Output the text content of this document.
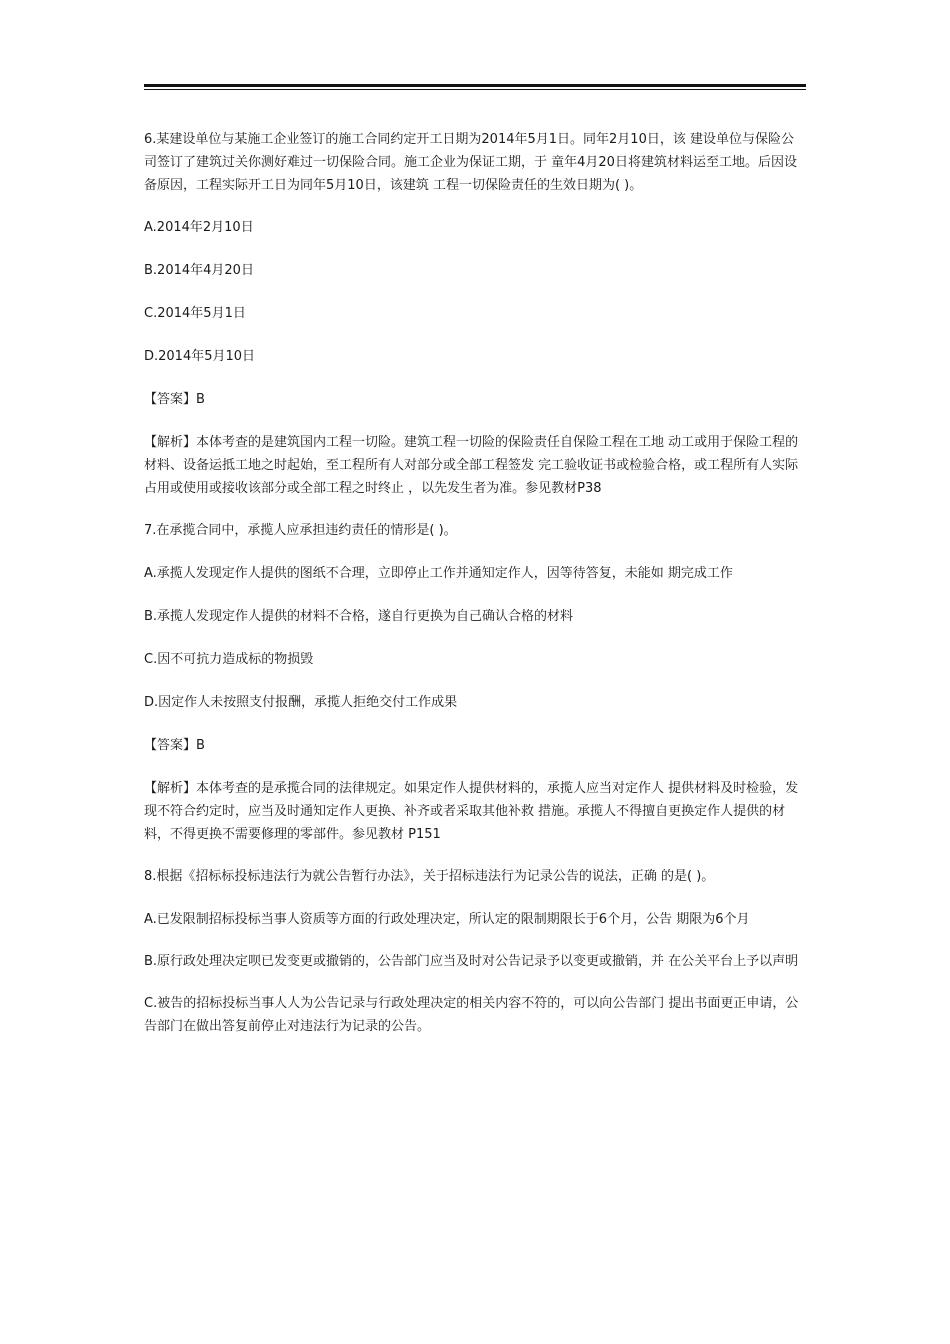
6.某建设单位与某施工企业签订的施工合同约定开工日期为2014年5月1日。同年2月10日，该 建设单位与保险公司签订了建筑过关你测好难过一切保险合同。施工企业为保证工期，于 童年4月20日将建筑材料运至工地。后因设备原因，工程实际开工日为同年5月10日，该建筑 工程一切保险责任的生效日期为( )。

A.2014年2月10日

B.2014年4月20日

C.2014年5月1日

D.2014年5月10日

【答案】B

【解析】本体考查的是建筑国内工程一切险。建筑工程一切险的保险责任自保险工程在工地 动工或用于保险工程的材料、设备运抵工地之时起始，至工程所有人对部分或全部工程签发 完工验收证书或检验合格，或工程所有人实际占用或使用或接收该部分或全部工程之时终止 ，以先发生者为准。参见教材P38

7.在承揽合同中，承揽人应承担违约责任的情形是( )。

A.承揽人发现定作人提供的图纸不合理，立即停止工作并通知定作人，因等待答复，未能如 期完成工作

B.承揽人发现定作人提供的材料不合格，遂自行更换为自己确认合格的材料

C.因不可抗力造成标的物损毁

D.因定作人未按照支付报酬，承揽人拒绝交付工作成果

【答案】B

【解析】本体考查的是承揽合同的法律规定。如果定作人提供材料的，承揽人应当对定作人 提供材料及时检验，发现不符合约定时，应当及时通知定作人更换、补齐或者采取其他补救 措施。承揽人不得擅自更换定作人提供的材料，不得更换不需要修理的零部件。参见教材 P151

8.根据《招标标投标违法行为就公告暂行办法》，关于招标违法行为记录公告的说法，正确 的是( )。

A.已发限制招标投标当事人资质等方面的行政处理决定，所认定的限制期限长于6个月，公告 期限为6个月

B.原行政处理决定呗已发变更或撤销的，公告部门应当及时对公告记录予以变更或撤销，并 在公关平台上予以声明

C.被告的招标投标当事人人为公告记录与行政处理决定的相关内容不符的，可以向公告部门 提出书面更正申请，公告部门在做出答复前停止对违法行为记录的公告。
